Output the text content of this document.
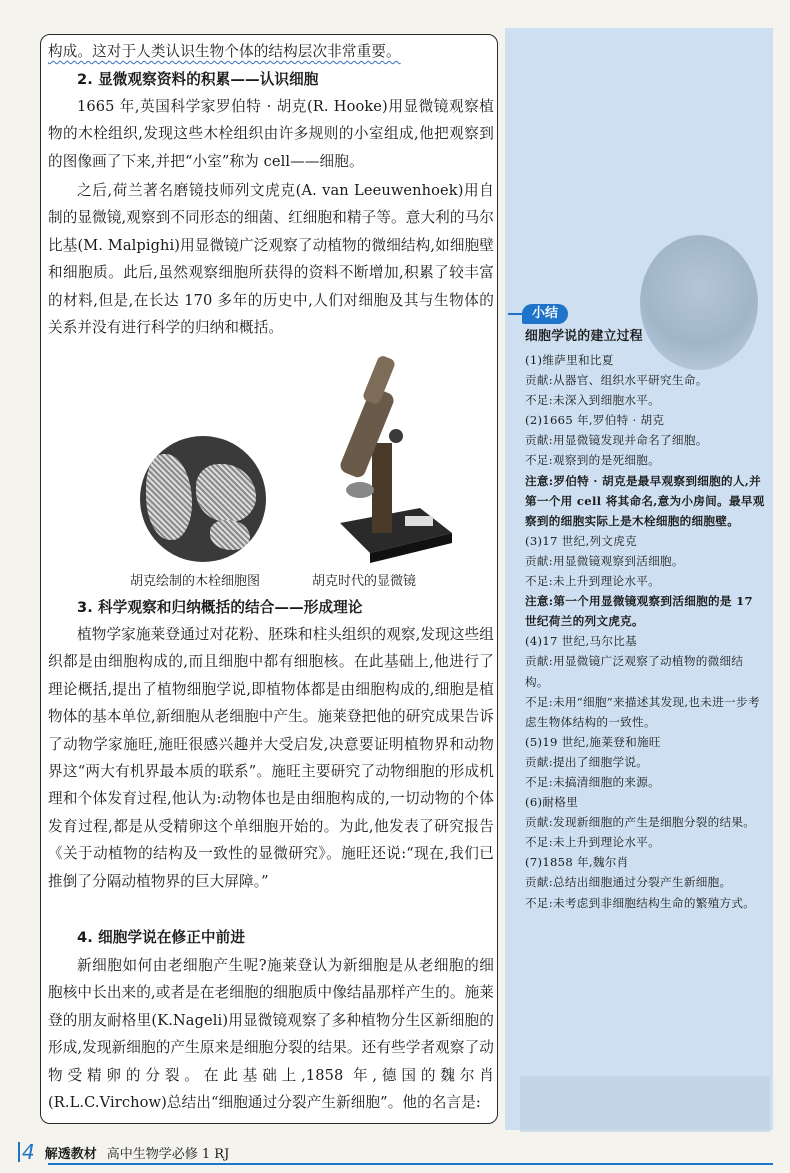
构成。这对于人类认识生物个体的结构层次非常重要。
2. 显微观察资料的积累——认识细胞
1665 年,英国科学家罗伯特 · 胡克(R. Hooke)用显微镜观察植物的木栓组织,发现这些木栓组织由许多规则的小室组成,他把观察到的图像画了下来,并把“小室”称为 cell——细胞。
之后,荷兰著名磨镜技师列文虎克(A. van Leeuwenhoek)用自制的显微镜,观察到不同形态的细菌、红细胞和精子等。意大利的马尔比基(M. Malpighi)用显微镜广泛观察了动植物的微细结构,如细胞壁和细胞质。此后,虽然观察细胞所获得的资料不断增加,积累了较丰富的材料,但是,在长达 170 多年的历史中,人们对细胞及其与生物体的关系并没有进行科学的归纳和概括。
胡克绘制的木栓细胞图	胡克时代的显微镜
3. 科学观察和归纳概括的结合——形成理论
植物学家施莱登通过对花粉、胚珠和柱头组织的观察,发现这些组织都是由细胞构成的,而且细胞中都有细胞核。在此基础上,他进行了理论概括,提出了植物细胞学说,即植物体都是由细胞构成的,细胞是植物体的基本单位,新细胞从老细胞中产生。施莱登把他的研究成果告诉了动物学家施旺,施旺很感兴趣并大受启发,决意要证明植物界和动物界这“两大有机界最本质的联系”。施旺主要研究了动物细胞的形成机理和个体发育过程,他认为:动物体也是由细胞构成的,一切动物的个体发育过程,都是从受精卵这个单细胞开始的。为此,他发表了研究报告《关于动植物的结构及一致性的显微研究》。施旺还说:“现在,我们已推倒了分隔动植物界的巨大屏障。”
4. 细胞学说在修正中前进
新细胞如何由老细胞产生呢?施莱登认为新细胞是从老细胞的细胞核中长出来的,或者是在老细胞的细胞质中像结晶那样产生的。施莱登的朋友耐格里(K.Nageli)用显微镜观察了多种植物分生区新细胞的形成,发现新细胞的产生原来是细胞分裂的结果。还有些学者观察了动物受精卵的分裂。在此基础上,1858 年,德国的魏尔肖(R.L.C.Virchow)总结出“细胞通过分裂产生新细胞”。他的名言是:
小结
细胞学说的建立过程
(1)维萨里和比夏
贡献:从器官、组织水平研究生命。
不足:未深入到细胞水平。
(2)1665 年,罗伯特 · 胡克
贡献:用显微镜发现并命名了细胞。
不足:观察到的是死细胞。
注意:罗伯特 · 胡克是最早观察到细胞的人,并第一个用 cell 将其命名,意为小房间。最早观察到的细胞实际上是木栓细胞的细胞壁。
(3)17 世纪,列文虎克
贡献:用显微镜观察到活细胞。
不足:未上升到理论水平。
注意:第一个用显微镜观察到活细胞的是 17 世纪荷兰的列文虎克。
(4)17 世纪,马尔比基
贡献:用显微镜广泛观察了动植物的微细结构。
不足:未用“细胞”来描述其发现,也未进一步考虑生物体结构的一致性。
(5)19 世纪,施莱登和施旺
贡献:提出了细胞学说。
不足:未搞清细胞的来源。
(6)耐格里
贡献:发现新细胞的产生是细胞分裂的结果。
不足:未上升到理论水平。
(7)1858 年,魏尔肖
贡献:总结出细胞通过分裂产生新细胞。
不足:未考虑到非细胞结构生命的繁殖方式。
4 解透教材 高中生物学必修 1 RJ
